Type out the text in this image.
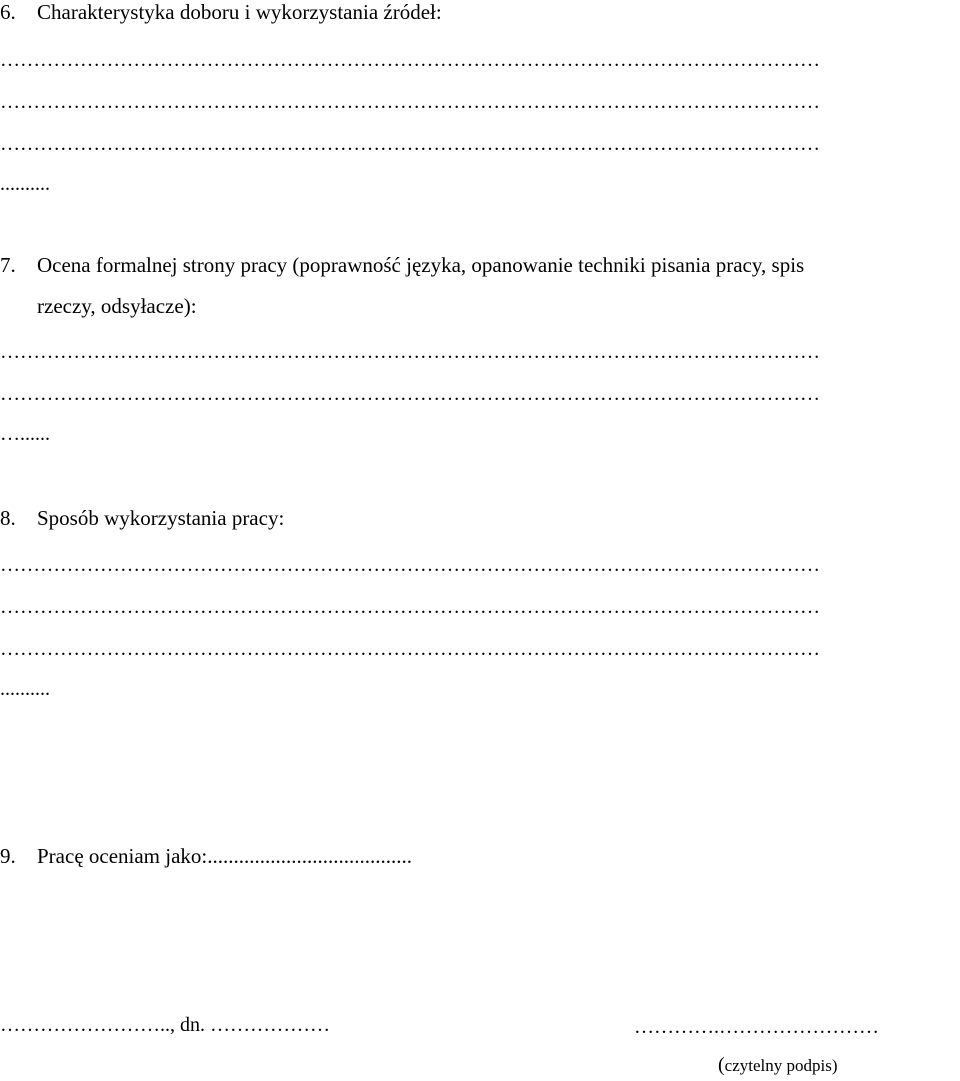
6. Charakterystyka doboru i wykorzystania źródeł:
……………………………………………………………………………………………………………
……………………………………………………………………………………………………………
……………………………………………………………………………………………………………
..........
7. Ocena formalnej strony pracy (poprawność języka, opanowanie techniki pisania pracy, spis
rzeczy, odsyłacze):
……………………………………………………………………………………………………………
……………………………………………………………………………………………………………
…......
8. Sposób wykorzystania pracy:
……………………………………………………………………………………………………………
……………………………………………………………………………………………………………
……………………………………………………………………………………………………………
..........
9. Pracę oceniam jako:.......................................
…………………….., dn. ………………	………….……………………
(czytelny podpis)
